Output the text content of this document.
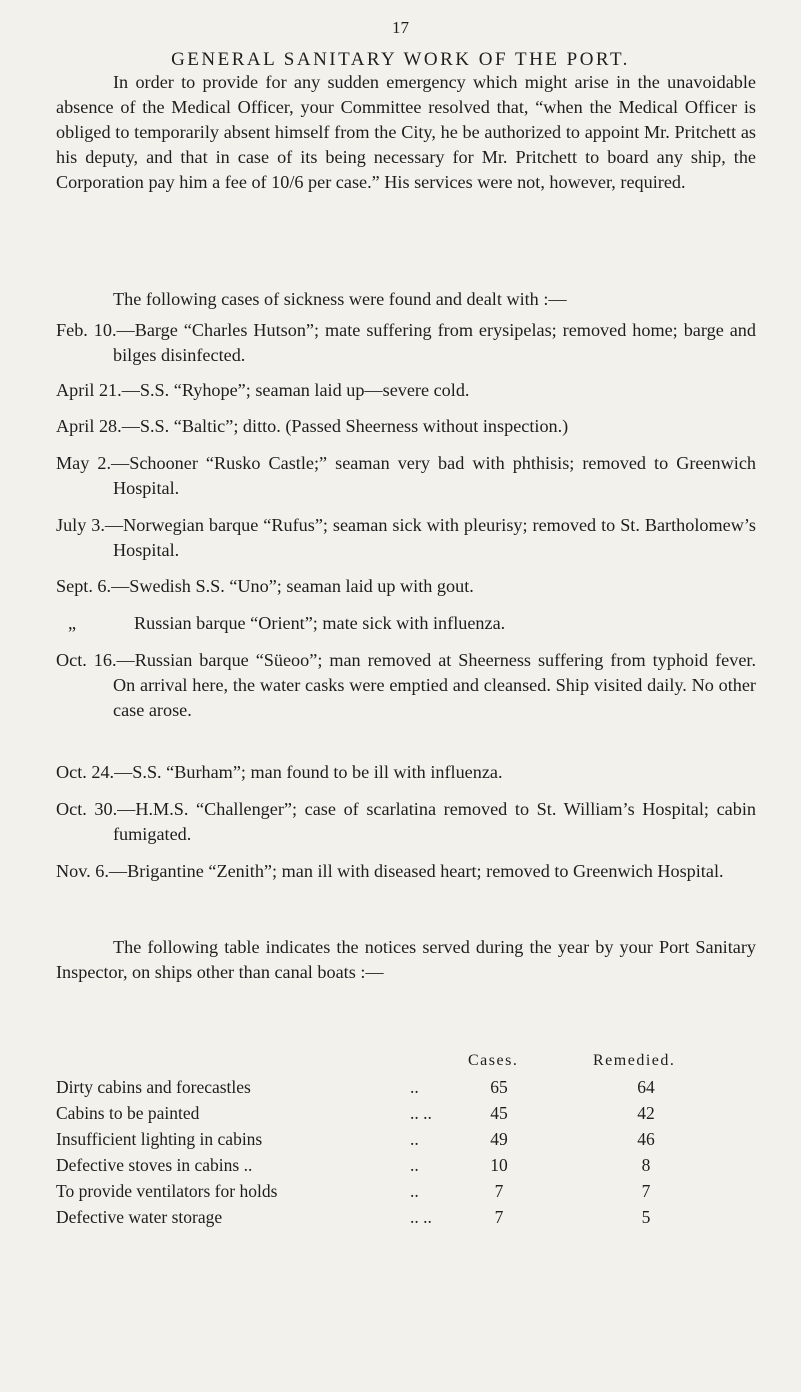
17
GENERAL SANITARY WORK OF THE PORT.

In order to provide for any sudden emergency which might arise in the unavoidable absence of the Medical Officer, your Committee resolved that, “when the Medical Officer is obliged to temporarily absent himself from the City, he be authorized to appoint Mr. Pritchett as his deputy, and that in case of its being necessary for Mr. Pritchett to board any ship, the Corporation pay him a fee of 10/6 per case.” His services were not, however, required.

The following cases of sickness were found and dealt with :—

Feb. 10.—Barge “Charles Hutson”; mate suffering from erysipelas; removed home; barge and bilges disinfected.
April 21.—S.S. “Ryhope”; seaman laid up—severe cold.
April 28.—S.S. “Baltic”; ditto. (Passed Sheerness without inspection.)
May 2.—Schooner “Rusko Castle;” seaman very bad with phthisis; removed to Greenwich Hospital.
July 3.—Norwegian barque “Rufus”; seaman sick with pleurisy; removed to St. Bartholomew’s Hospital.
Sept. 6.—Swedish S.S. “Uno”; seaman laid up with gout.
„	Russian barque “Orient”; mate sick with influenza.
Oct. 16.—Russian barque “Süeoo”; man removed at Sheerness suffering from typhoid fever. On arrival here, the water casks were emptied and cleansed. Ship visited daily. No other case arose.
Oct. 24.—S.S. “Burham”; man found to be ill with influenza.
Oct. 30.—H.M.S. “Challenger”; case of scarlatina removed to St. William’s Hospital; cabin fumigated.
Nov. 6.—Brigantine “Zenith”; man ill with diseased heart; removed to Greenwich Hospital.

The following table indicates the notices served during the year by your Port Sanitary Inspector, on ships other than canal boats :—

Cases.	Remedied.
Dirty cabins and forecastles	..	65	64
Cabins to be painted	.. ..	45	42
Insufficient lighting in cabins	..	49	46
Defective stoves in cabins ..	..	10	8
To provide ventilators for holds	..	7	7
Defective water storage	.. ..	7	5
